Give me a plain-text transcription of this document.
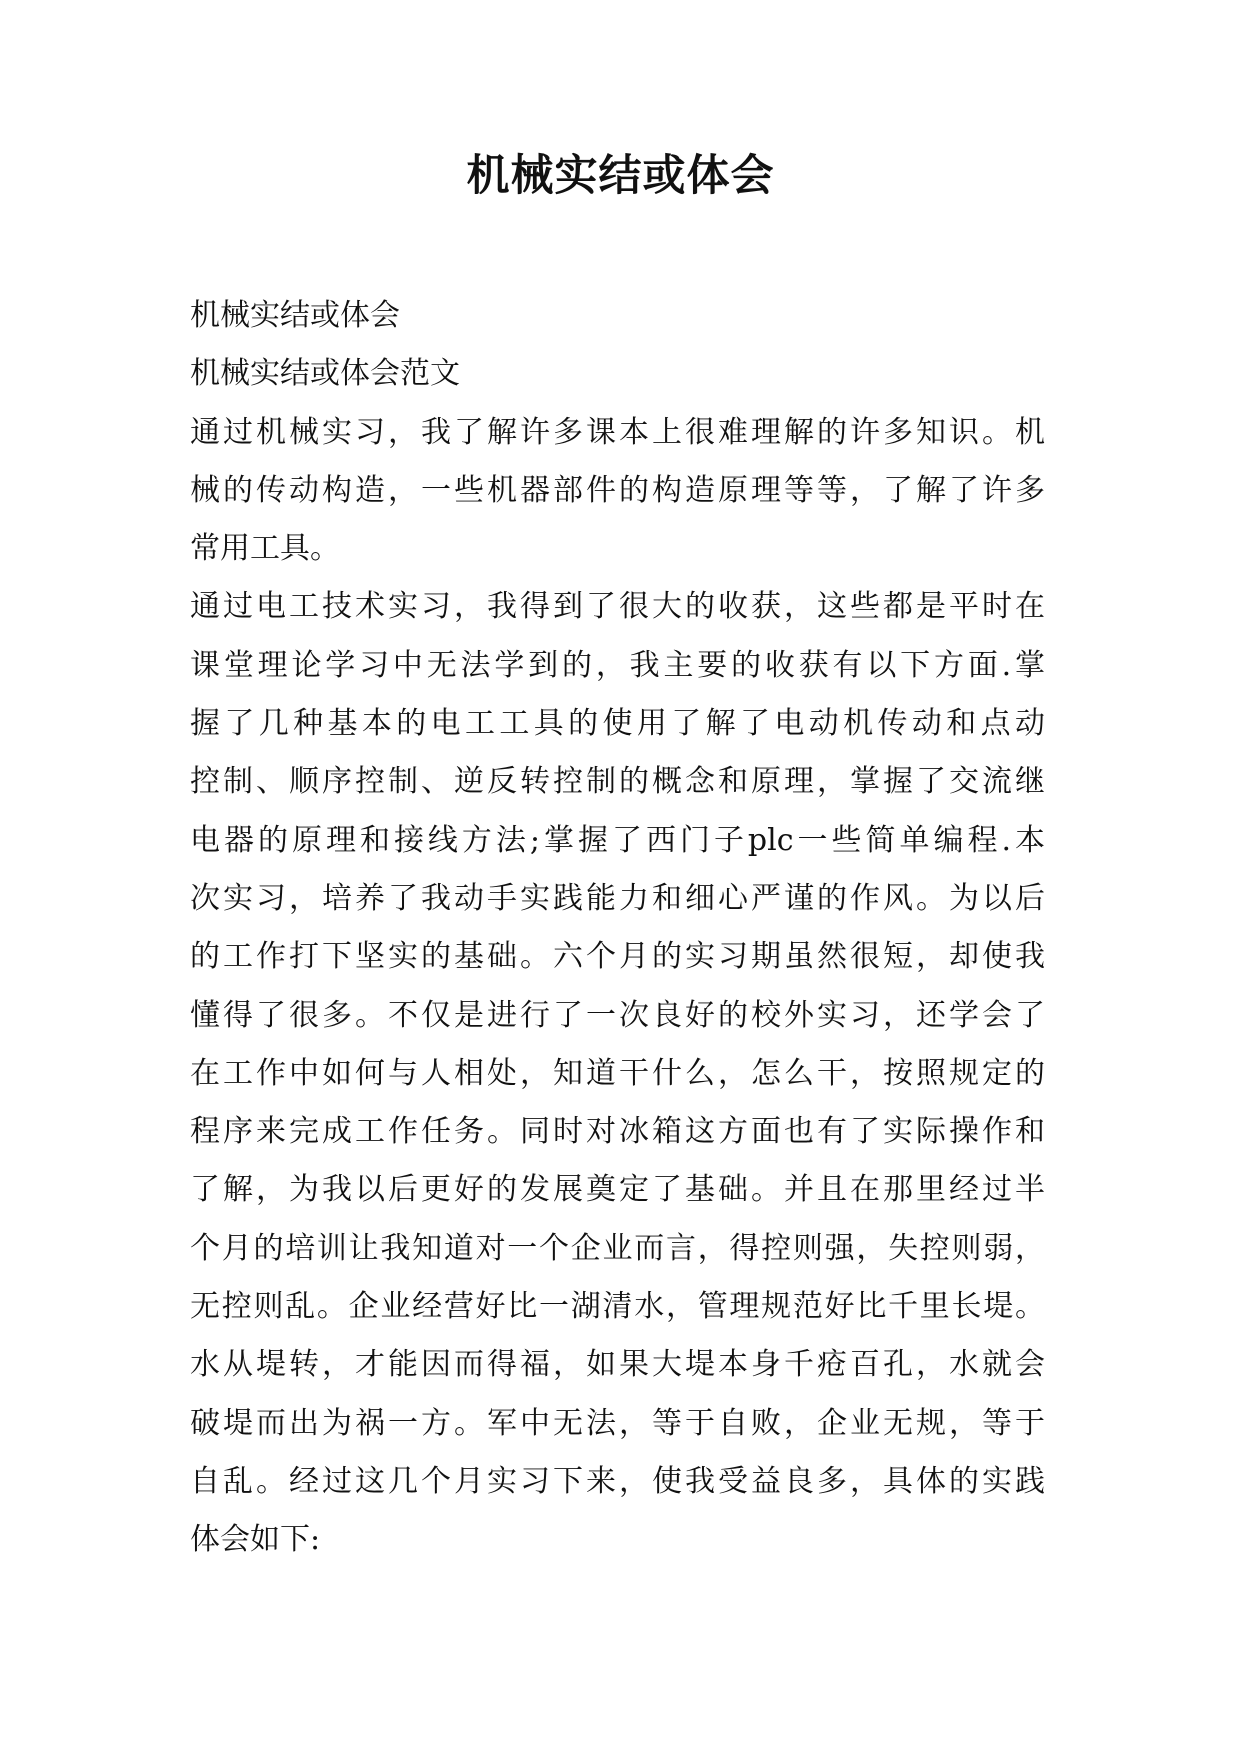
机械实结或体会
机械实结或体会
机械实结或体会范文
通过机械实习，我了解许多课本上很难理解的许多知识。机
械的传动构造，一些机器部件的构造原理等等，了解了许多
常用工具。
通过电工技术实习，我得到了很大的收获，这些都是平时在
课堂理论学习中无法学到的，我主要的收获有以下方面.掌
握了几种基本的电工工具的使用了解了电动机传动和点动
控制、顺序控制、逆反转控制的概念和原理，掌握了交流继
电器的原理和接线方法;掌握了西门子plc一些简单编程.本
次实习，培养了我动手实践能力和细心严谨的作风。为以后
的工作打下坚实的基础。六个月的实习期虽然很短，却使我
懂得了很多。不仅是进行了一次良好的校外实习，还学会了
在工作中如何与人相处，知道干什么，怎么干，按照规定的
程序来完成工作任务。同时对冰箱这方面也有了实际操作和
了解，为我以后更好的发展奠定了基础。并且在那里经过半
个月的培训让我知道对一个企业而言，得控则强，失控则弱，
无控则乱。企业经营好比一湖清水，管理规范好比千里长堤。
水从堤转，才能因而得福，如果大堤本身千疮百孔，水就会
破堤而出为祸一方。军中无法，等于自败，企业无规，等于
自乱。经过这几个月实习下来，使我受益良多，具体的实践
体会如下:
